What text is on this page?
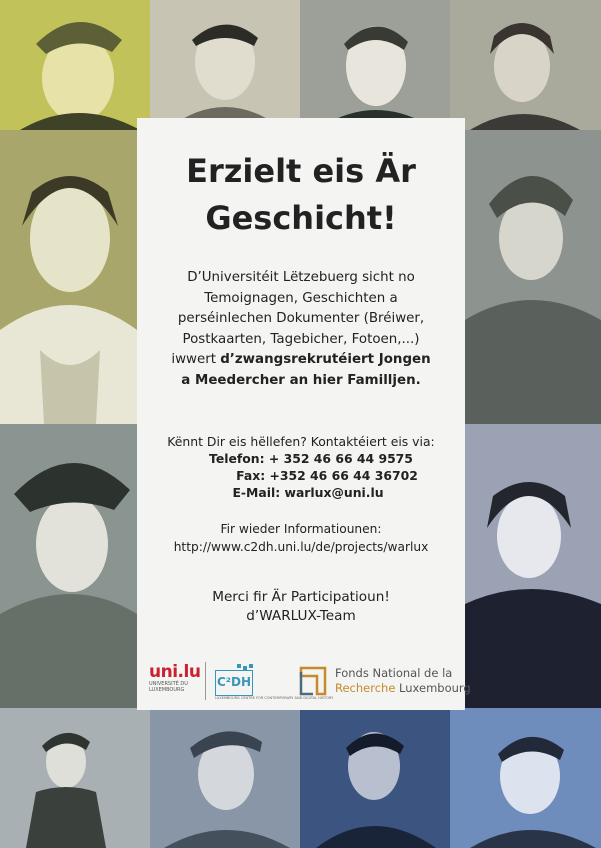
Erzielt eis Är
Geschicht!
D’Universitéit Lëtzebuerg sicht no
Temoignagen, Geschichten a
perséinlechen Dokumenter (Bréiwer,
Postkaarten, Tagebicher, Fotoen,...)
iwwert d’zwangsrekrutéiert Jongen
a Meedercher an hier Familljen.
Kënnt Dir eis hëllefen? Kontaktéiert eis via:
Telefon: + 352 46 66 44 9575
Fax: +352 46 66 44 36702
E-Mail: warlux@uni.lu
Fir wieder Informatiounen:
http://www.c2dh.uni.lu/de/projects/warlux
Merci fir Är Participatioun!
d’WARLUX-Team
uni.lu
UNIVERSITÉ DU
LUXEMBOURG
C²DH
LUXEMBOURG CENTRE FOR CONTEMPORARY AND DIGITAL HISTORY
Fonds National de la
Recherche Luxembourg
